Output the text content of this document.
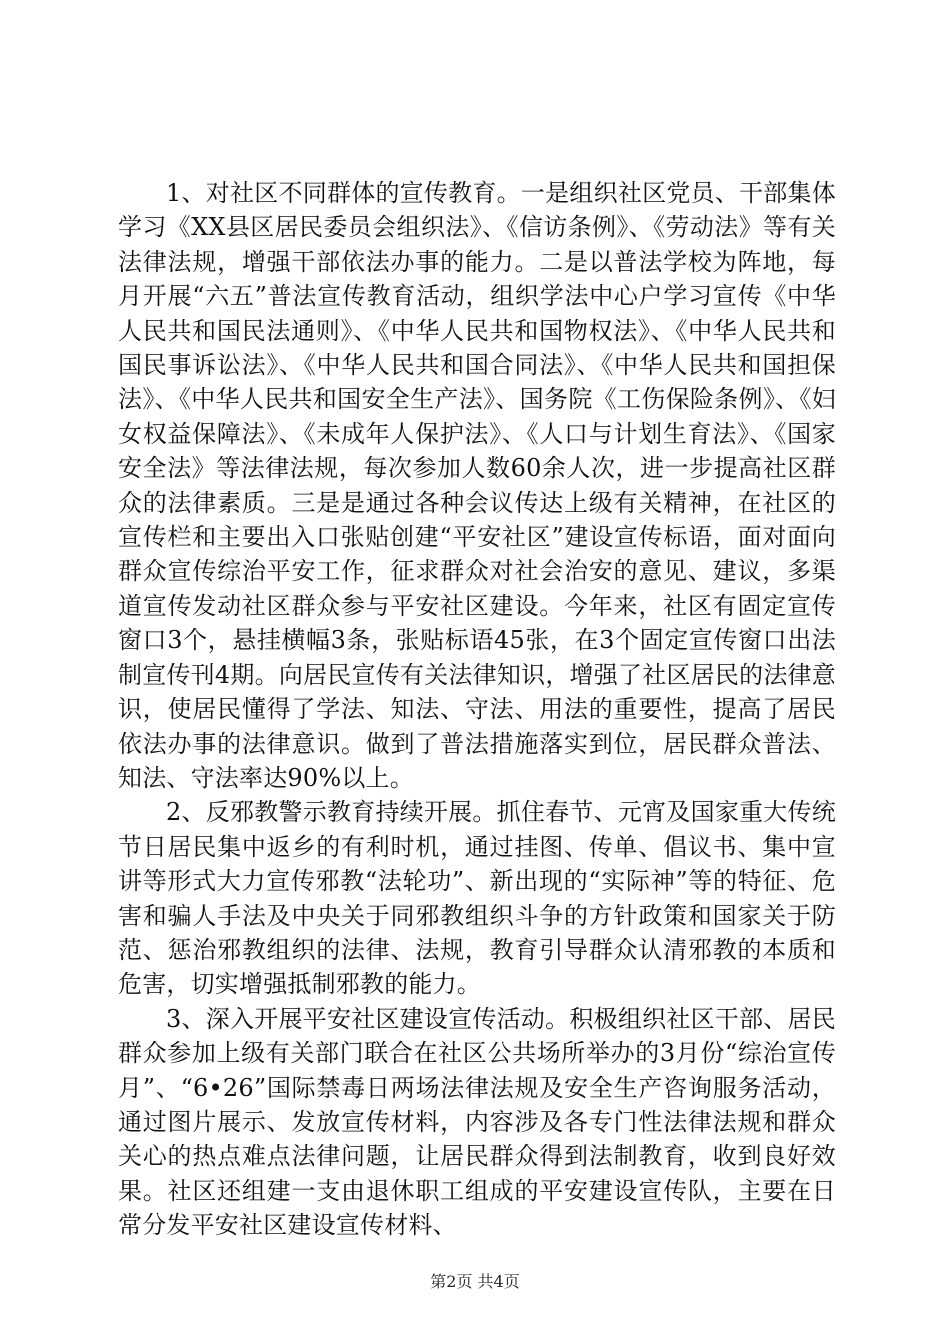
1、对社区不同群体的宣传教育。一是组织社区党员、干部集体学习《XX县区居民委员会组织法》、《信访条例》、《劳动法》等有关法律法规，增强干部依法办事的能力。二是以普法学校为阵地，每月开展“六五”普法宣传教育活动，组织学法中心户学习宣传《中华人民共和国民法通则》、《中华人民共和国物权法》、《中华人民共和国民事诉讼法》、《中华人民共和国合同法》、《中华人民共和国担保法》、《中华人民共和国安全生产法》、国务院《工伤保险条例》、《妇女权益保障法》、《未成年人保护法》、《人口与计划生育法》、《国家安全法》等法律法规，每次参加人数60余人次，进一步提高社区群众的法律素质。三是是通过各种会议传达上级有关精神，在社区的宣传栏和主要出入口张贴创建“平安社区”建设宣传标语，面对面向群众宣传综治平安工作，征求群众对社会治安的意见、建议，多渠道宣传发动社区群众参与平安社区建设。今年来，社区有固定宣传窗口3个，悬挂横幅3条，张贴标语45张，在3个固定宣传窗口出法制宣传刊4期。向居民宣传有关法律知识，增强了社区居民的法律意识，使居民懂得了学法、知法、守法、用法的重要性，提高了居民依法办事的法律意识。做到了普法措施落实到位，居民群众普法、知法、守法率达90%以上。

2、反邪教警示教育持续开展。抓住春节、元宵及国家重大传统节日居民集中返乡的有利时机，通过挂图、传单、倡议书、集中宣讲等形式大力宣传邪教“法轮功”、新出现的“实际神”等的特征、危害和骗人手法及中央关于同邪教组织斗争的方针政策和国家关于防范、惩治邪教组织的法律、法规，教育引导群众认清邪教的本质和危害，切实增强抵制邪教的能力。

3、深入开展平安社区建设宣传活动。积极组织社区干部、居民群众参加上级有关部门联合在社区公共场所举办的3月份“综治宣传月”、“6•26”国际禁毒日两场法律法规及安全生产咨询服务活动，通过图片展示、发放宣传材料，内容涉及各专门性法律法规和群众关心的热点难点法律问题，让居民群众得到法制教育，收到良好效果。社区还组建一支由退休职工组成的平安建设宣传队，主要在日常分发平安社区建设宣传材料、

第2页 共4页
